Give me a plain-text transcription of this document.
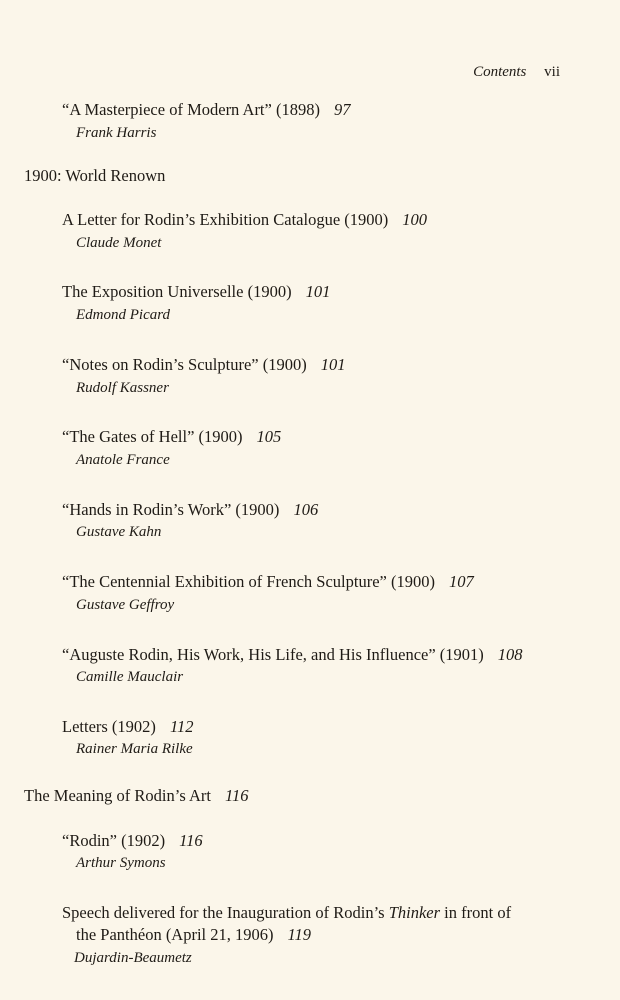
Contents vii
“A Masterpiece of Modern Art” (1898) 97
Frank Harris
1900: World Renown
A Letter for Rodin’s Exhibition Catalogue (1900) 100
Claude Monet
The Exposition Universelle (1900) 101
Edmond Picard
“Notes on Rodin’s Sculpture” (1900) 101
Rudolf Kassner
“The Gates of Hell” (1900) 105
Anatole France
“Hands in Rodin’s Work” (1900) 106
Gustave Kahn
“The Centennial Exhibition of French Sculpture” (1900) 107
Gustave Geffroy
“Auguste Rodin, His Work, His Life, and His Influence” (1901) 108
Camille Mauclair
Letters (1902) 112
Rainer Maria Rilke
The Meaning of Rodin’s Art 116
“Rodin” (1902) 116
Arthur Symons
Speech delivered for the Inauguration of Rodin’s Thinker in front of
the Panthéon (April 21, 1906) 119
Dujardin-Beaumetz
